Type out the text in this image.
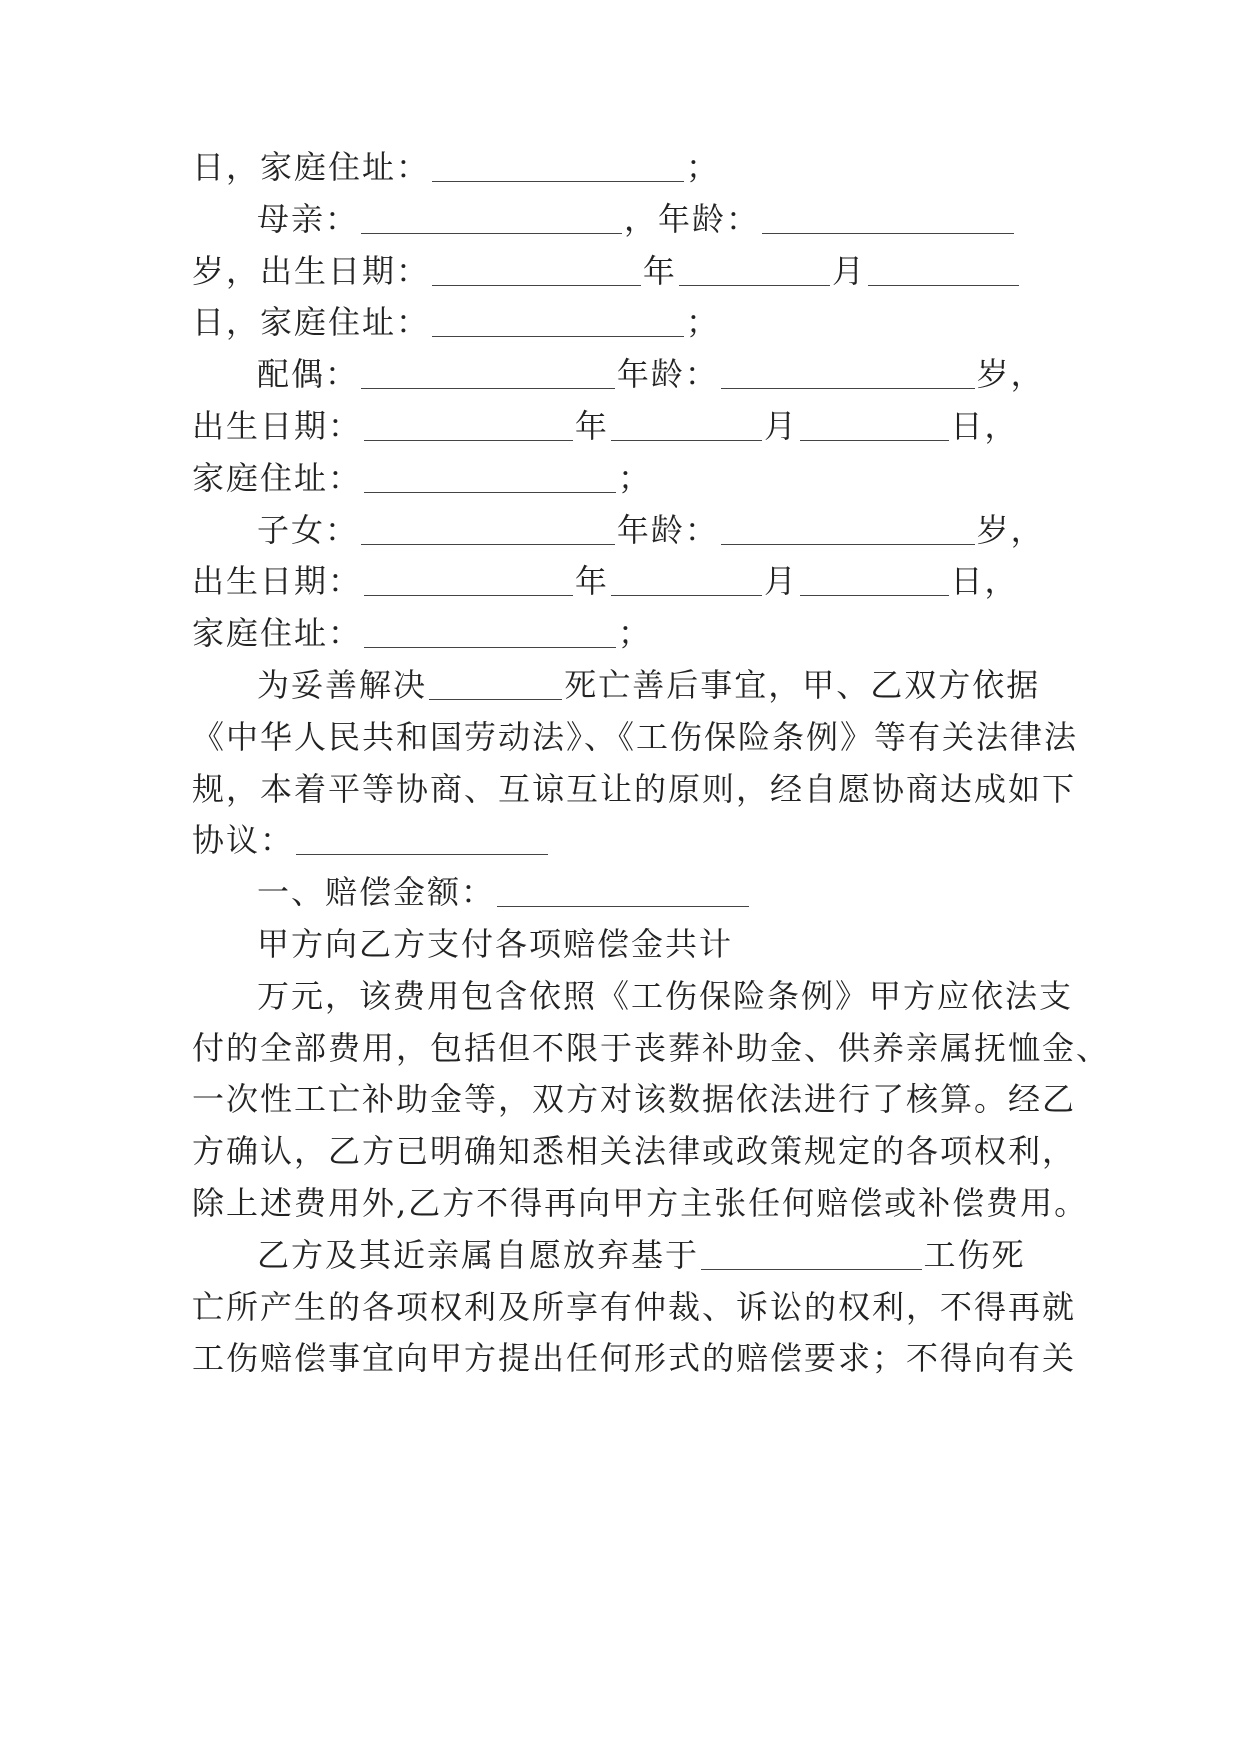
日，家庭住址：	；
母亲：	，年龄：
岁，出生日期：	年	月
日，家庭住址：	；
配偶：	年龄：	岁，
出生日期：	年	月	日，
家庭住址：	；
子女：	年龄：	岁，
出生日期：	年	月	日，
家庭住址：	；
为妥善解决	死亡善后事宜，甲、乙双方依据
《中华人民共和国劳动法》、《工伤保险条例》等有关法律法
规，本着平等协商、互谅互让的原则，经自愿协商达成如下
协议：
一、赔偿金额：
甲方向乙方支付各项赔偿金共计
万元，该费用包含依照《工伤保险条例》甲方应依法支
付的全部费用，包括但不限于丧葬补助金、供养亲属抚恤金、
一次性工亡补助金等，双方对该数据依法进行了核算。经乙
方确认，乙方已明确知悉相关法律或政策规定的各项权利，
除上述费用外,乙方不得再向甲方主张任何赔偿或补偿费用。
乙方及其近亲属自愿放弃基于	工伤死
亡所产生的各项权利及所享有仲裁、诉讼的权利，不得再就
工伤赔偿事宜向甲方提出任何形式的赔偿要求；不得向有关
